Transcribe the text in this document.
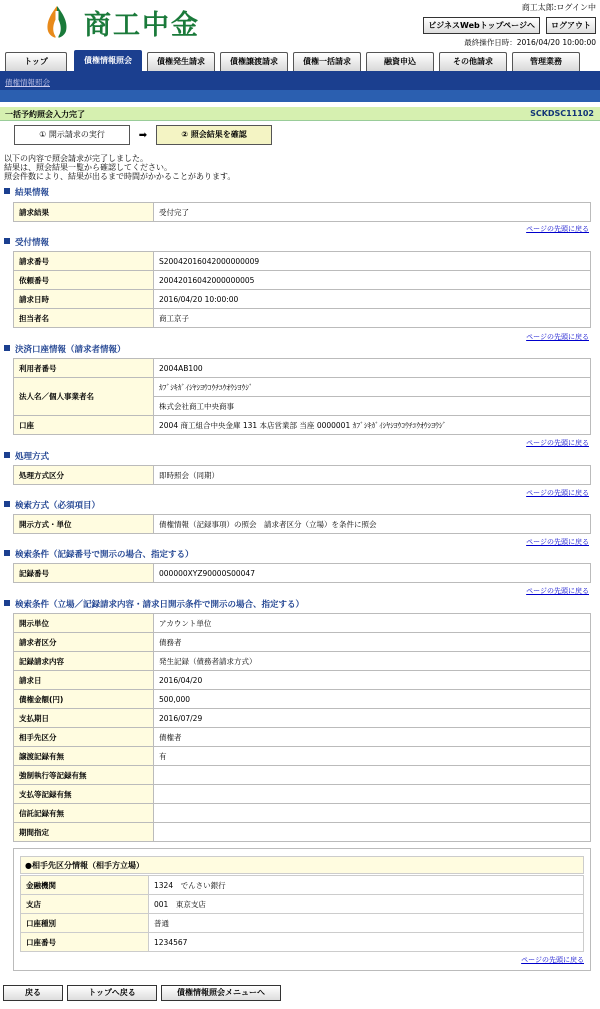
商工中金
商工太郎:ログイン中
ビジネスWebトップページへ	ログアウト
最終操作日時：2016/04/20 10:00:00
トップ	債権情報照会	債権発生請求	債権譲渡請求	債権一括請求	融資申込	その他請求	管理業務
債権情報照会
一括予約照会入力完了	SCKDSC11102
① 開示請求の実行	➡	② 照会結果を確認
以下の内容で照会請求が完了しました。
結果は、照会結果一覧から確認してください。
照会件数により、結果が出るまで時間がかかることがあります。
結果情報
請求結果	受付完了
ページの先頭に戻る
受付情報
請求番号	S20042016042000000009
依頼番号	20042016042000000005
請求日時	2016/04/20 10:00:00
担当者名	商工京子
ページの先頭に戻る
決済口座情報（請求者情報）
利用者番号	2004AB100
法人名／個人事業者名	ｶﾌﾞｼｷｶﾞｲｼﾔｼﾖｳｺｳﾁﾕｳｵｳｼﾖｳｼﾞ
	株式会社商工中央商事
口座	2004 商工組合中央金庫 131 本店営業部 当座 0000001 ｶﾌﾞｼｷｶﾞｲｼﾔｼﾖｳｺｳﾁﾕｳｵｳｼﾖｳｼﾞ
ページの先頭に戻る
処理方式
処理方式区分	即時照会（同期）
ページの先頭に戻る
検索方式（必須項目）
開示方式・単位	債権情報（記録事項）の照会　請求者区分（立場）を条件に照会
ページの先頭に戻る
検索条件（記録番号で開示の場合、指定する）
記録番号	000000XYZ90000S00047
ページの先頭に戻る
検索条件（立場／記録請求内容・請求日開示条件で開示の場合、指定する）
開示単位	アカウント単位
請求者区分	債務者
記録請求内容	発生記録（債務者請求方式）
請求日	2016/04/20
債権金額(円)	500,000
支払期日	2016/07/29
相手先区分	債権者
譲渡記録有無	有
強制執行等記録有無	
支払等記録有無	
信託記録有無	
期間指定	
●相手先区分情報（相手方立場）
金融機関	1324　でんさい銀行
支店	001　東京支店
口座種別	普通
口座番号	1234567
ページの先頭に戻る
戻る	トップへ戻る	債権情報照会メニューへ
